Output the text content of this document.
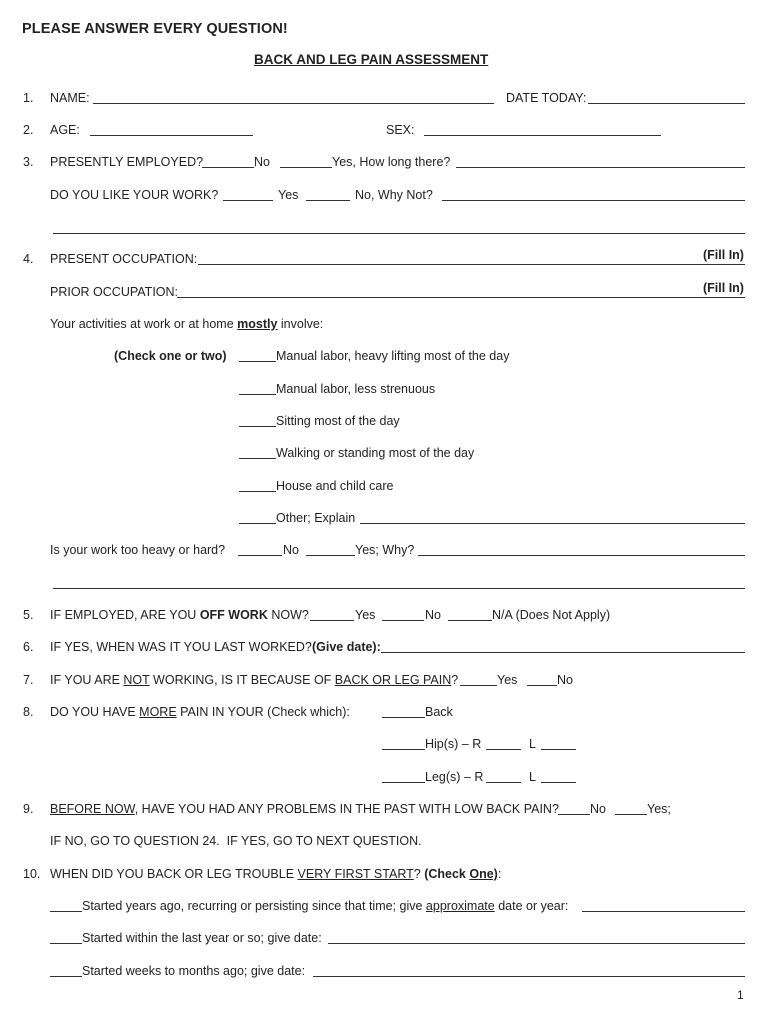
PLEASE ANSWER EVERY QUESTION!
BACK AND LEG PAIN ASSESSMENT
1. NAME:	DATE TODAY:
2. AGE:	SEX:
3. PRESENTLY EMPLOYED?	No	Yes, How long there?
DO YOU LIKE YOUR WORK?	Yes	No, Why Not?
4. PRESENT OCCUPATION:	(Fill In)
PRIOR OCCUPATION:	(Fill In)
Your activities at work or at home mostly involve:
(Check one or two)	Manual labor, heavy lifting most of the day
Manual labor, less strenuous
Sitting most of the day
Walking or standing most of the day
House and child care
Other; Explain
Is your work too heavy or hard?	No	Yes; Why?
5. IF EMPLOYED, ARE YOU OFF WORK NOW?	Yes	No	N/A (Does Not Apply)
6. IF YES, WHEN WAS IT YOU LAST WORKED? (Give date):
7. IF YOU ARE NOT WORKING, IS IT BECAUSE OF BACK OR LEG PAIN?	Yes	No
8. DO YOU HAVE MORE PAIN IN YOUR (Check which):	Back
Hip(s) – R	L
Leg(s) – R	L
9. BEFORE NOW, HAVE YOU HAD ANY PROBLEMS IN THE PAST WITH LOW BACK PAIN? No	Yes;
IF NO, GO TO QUESTION 24.  IF YES, GO TO NEXT QUESTION.
10. WHEN DID YOU BACK OR LEG TROUBLE VERY FIRST START? (Check One):
Started years ago, recurring or persisting since that time; give approximate date or year:
Started within the last year or so; give date:
Started weeks to months ago; give date:
1
